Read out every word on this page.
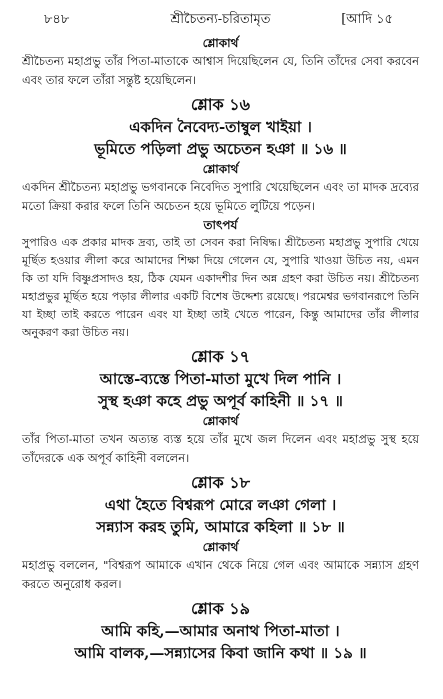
৮৪৮	শ্রীচৈতন্য-চরিতামৃত	[আদি ১৫
শ্লোকার্থ

শ্রীচৈতন্য মহাপ্রভু তাঁর পিতা-মাতাকে আশ্বাস দিয়েছিলেন যে, তিনি তাঁদের সেবা করবেন এবং তার ফলে তাঁরা সন্তুষ্ট হয়েছিলেন।

শ্লোক ১৬
একদিন নৈবেদ্য-তাম্বুল খাইয়া ।
ভূমিতে পড়িলা প্রভু অচেতন হঞা ॥ ১৬ ॥
শ্লোকার্থ

একদিন শ্রীচৈতন্য মহাপ্রভু ভগবানকে নিবেদিত সুপারি খেয়েছিলেন এবং তা মাদক দ্রব্যের মতো ক্রিয়া করার ফলে তিনি অচেতন হয়ে ভূমিতে লুটিয়ে পড়েন।

তাৎপর্য

সুপারিও এক প্রকার মাদক দ্রব্য, তাই তা সেবন করা নিষিদ্ধ। শ্রীচৈতন্য মহাপ্রভু সুপারি খেয়ে মূর্ছিত হওয়ার লীলা করে আমাদের শিক্ষা দিয়ে গেলেন যে, সুপারি খাওয়া উচিত নয়, এমন কি তা যদি বিষ্ণুপ্রসাদও হয়, ঠিক যেমন একাদশীর দিন অন্ন গ্রহণ করা উচিত নয়। শ্রীচৈতন্য মহাপ্রভুর মূর্ছিত হয়ে পড়ার লীলার একটি বিশেষ উদ্দেশ্য রয়েছে। পরমেশ্বর ভগবানরূপে তিনি যা ইচ্ছা তাই করতে পারেন এবং যা ইচ্ছা তাই খেতে পারেন, কিন্তু আমাদের তাঁর লীলার অনুকরণ করা উচিত নয়।

শ্লোক ১৭
আস্তে-ব্যস্তে পিতা-মাতা মুখে দিল পানি ।
সুস্থ হঞা কহে প্রভু অপূর্ব কাহিনী ॥ ১৭ ॥
শ্লোকার্থ

তাঁর পিতা-মাতা তখন অত্যন্ত ব্যস্ত হয়ে তাঁর মুখে জল দিলেন এবং মহাপ্রভু সুস্থ হয়ে তাঁদেরকে এক অপূর্ব কাহিনী বললেন।

শ্লোক ১৮
এথা হৈতে বিশ্বরূপ মোরে লঞা গেলা ।
সন্ন্যাস করহ তুমি, আমারে কহিলা ॥ ১৮ ॥
শ্লোকার্থ

মহাপ্রভু বললেন, "বিশ্বরূপ আমাকে এখান থেকে নিয়ে গেল এবং আমাকে সন্ন্যাস গ্রহণ করতে অনুরোধ করল।

শ্লোক ১৯
আমি কহি,—আমার অনাথ পিতা-মাতা ।
আমি বালক,—সন্ন্যাসের কিবা জানি কথা ॥ ১৯ ॥
